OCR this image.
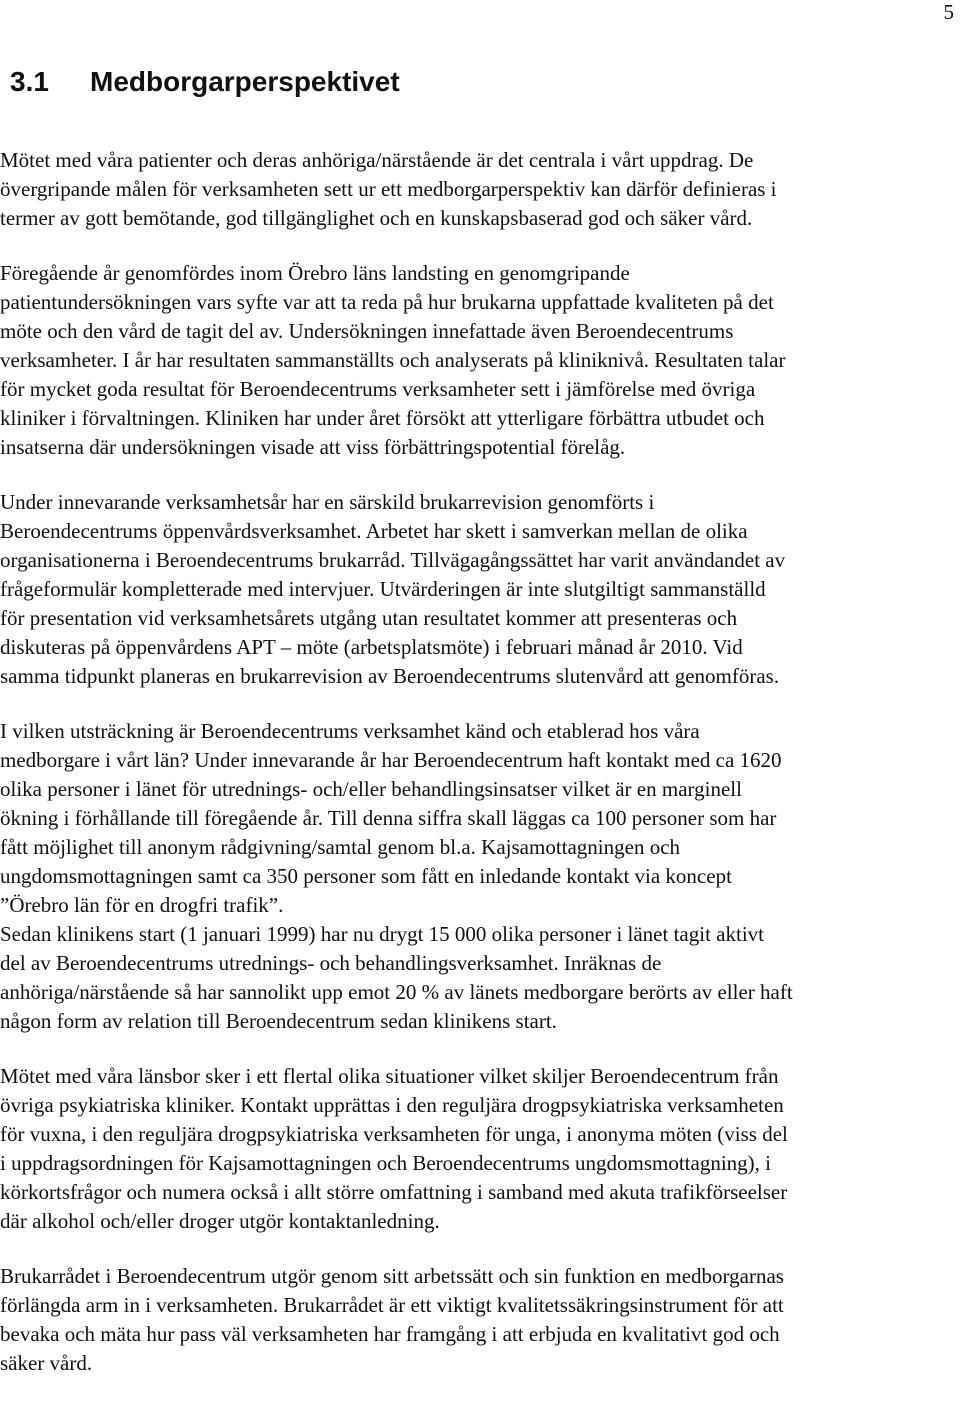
5
3.1 Medborgarperspektivet
Mötet med våra patienter och deras anhöriga/närstående är det centrala i vårt uppdrag. De
övergripande målen för verksamheten sett ur ett medborgarperspektiv kan därför definieras i
termer av gott bemötande, god tillgänglighet och en kunskapsbaserad god och säker vård.
Föregående år genomfördes inom Örebro läns landsting en genomgripande
patientundersökningen vars syfte var att ta reda på hur brukarna uppfattade kvaliteten på det
möte och den vård de tagit del av. Undersökningen innefattade även Beroendecentrums
verksamheter. I år har resultaten sammanställts och analyserats på kliniknivå. Resultaten talar
för mycket goda resultat för Beroendecentrums verksamheter sett i jämförelse med övriga
kliniker i förvaltningen. Kliniken har under året försökt att ytterligare förbättra utbudet och
insatserna där undersökningen visade att viss förbättringspotential förelåg.
Under innevarande verksamhetsår har en särskild brukarrevision genomförts i
Beroendecentrums öppenvårdsverksamhet. Arbetet har skett i samverkan mellan de olika
organisationerna i Beroendecentrums brukarråd. Tillvägagångssättet har varit användandet av
frågeformulär kompletterade med intervjuer. Utvärderingen är inte slutgiltigt sammanställd
för presentation vid verksamhetsårets utgång utan resultatet kommer att presenteras och
diskuteras på öppenvårdens APT – möte (arbetsplatsmöte) i februari månad år 2010. Vid
samma tidpunkt planeras en brukarrevision av Beroendecentrums slutenvård att genomföras.
I vilken utsträckning är Beroendecentrums verksamhet känd och etablerad hos våra
medborgare i vårt län? Under innevarande år har Beroendecentrum haft kontakt med ca 1620
olika personer i länet för utrednings- och/eller behandlingsinsatser vilket är en marginell
ökning i förhållande till föregående år. Till denna siffra skall läggas ca 100 personer som har
fått möjlighet till anonym rådgivning/samtal genom bl.a. Kajsamottagningen och
ungdomsmottagningen samt ca 350 personer som fått en inledande kontakt via koncept
”Örebro län för en drogfri trafik”.
Sedan klinikens start (1 januari 1999) har nu drygt 15 000 olika personer i länet tagit aktivt
del av Beroendecentrums utrednings- och behandlingsverksamhet. Inräknas de
anhöriga/närstående så har sannolikt upp emot 20 % av länets medborgare berörts av eller haft
någon form av relation till Beroendecentrum sedan klinikens start.
Mötet med våra länsbor sker i ett flertal olika situationer vilket skiljer Beroendecentrum från
övriga psykiatriska kliniker. Kontakt upprättas i den reguljära drogpsykiatriska verksamheten
för vuxna, i den reguljära drogpsykiatriska verksamheten för unga, i anonyma möten (viss del
i uppdragsordningen för Kajsamottagningen och Beroendecentrums ungdomsmottagning), i
körkortsfrågor och numera också i allt större omfattning i samband med akuta trafikförseelser
där alkohol och/eller droger utgör kontaktanledning.
Brukarrådet i Beroendecentrum utgör genom sitt arbetssätt och sin funktion en medborgarnas
förlängda arm in i verksamheten. Brukarrådet är ett viktigt kvalitetssäkringsinstrument för att
bevaka och mäta hur pass väl verksamheten har framgång i att erbjuda en kvalitativt god och
säker vård.
